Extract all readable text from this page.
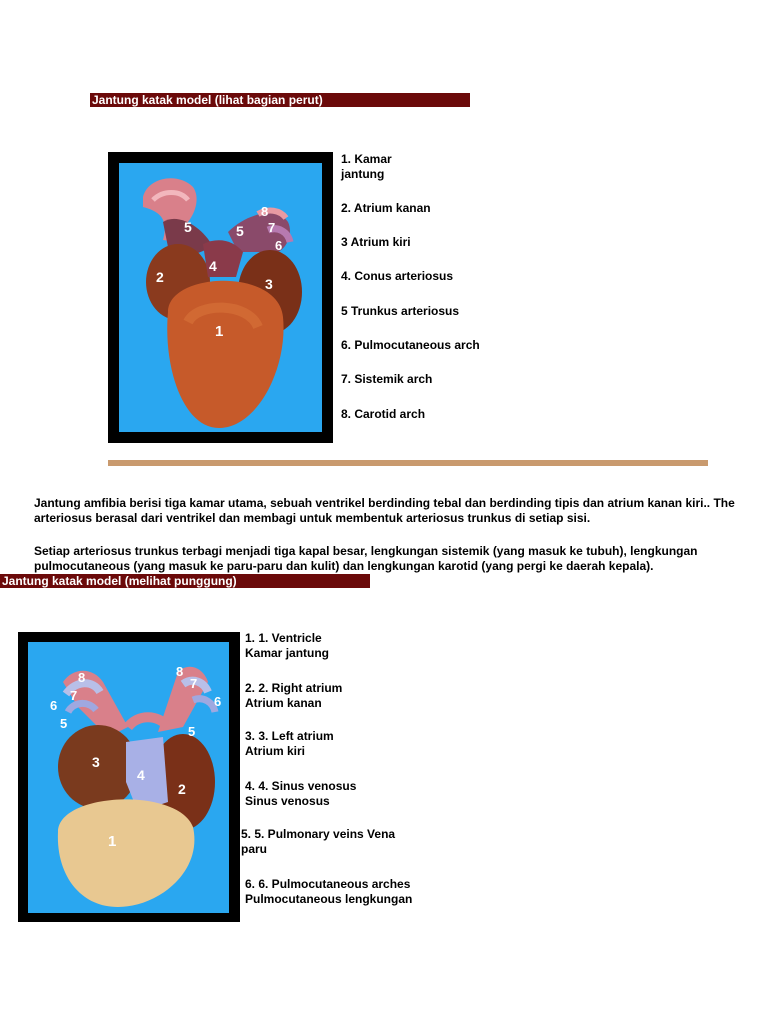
Jantung katak model (lihat bagian perut)
5
4
5
8
7
6
2	3
1
1. Kamar
jantung
2. Atrium kanan
3 Atrium kiri
4. Conus arteriosus
5 Trunkus arteriosus
6. Pulmocutaneous arch
7. Sistemik arch
8. Carotid arch
Jantung amfibia berisi tiga kamar utama, sebuah ventrikel berdinding tebal dan berdinding tipis dan atrium kanan kiri.. The
arteriosus berasal dari ventrikel dan membagi untuk membentuk arteriosus trunkus di setiap sisi.
Setiap arteriosus trunkus terbagi menjadi tiga kapal besar, lengkungan sistemik (yang masuk ke tubuh), lengkungan
pulmocutaneous (yang masuk ke paru-paru dan kulit) dan lengkungan karotid (yang pergi ke daerah kepala).
Jantung katak model (melihat punggung)
8
7
6
5
8
7
6
5
3
4
2
1
1. 1. Ventricle
Kamar jantung
2. 2. Right atrium
Atrium kanan
3. 3. Left atrium
Atrium kiri
4. 4. Sinus venosus
Sinus venosus
5. 5. Pulmonary veins Vena
paru
6. 6. Pulmocutaneous arches
Pulmocutaneous lengkungan
